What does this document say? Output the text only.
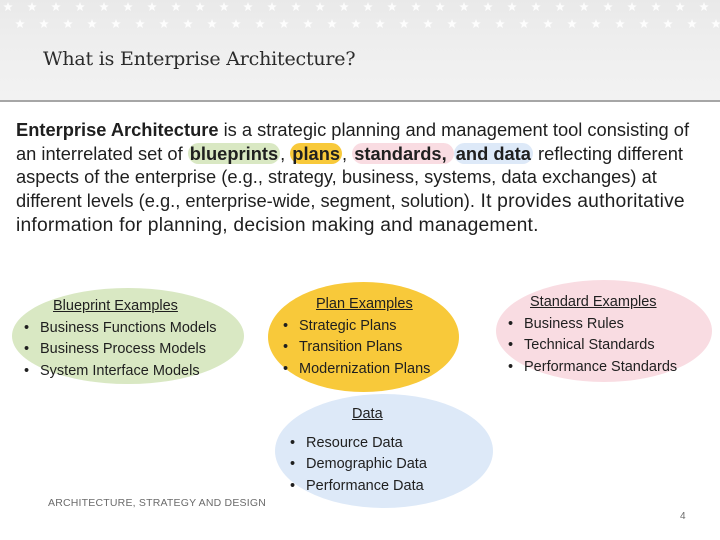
What is Enterprise Architecture?
Enterprise Architecture is a strategic planning and management tool consisting of an interrelated set of blueprints , plans , standards, and data reflecting different aspects of the enterprise (e.g., strategy, business, systems, data exchanges) at different levels (e.g., enterprise-wide, segment, solution). It provides authoritative information for planning, decision making and management.
Blueprint Examples
• Business Functions Models
• Business Process Models
• System Interface Models
Plan Examples
• Strategic Plans
• Transition Plans
• Modernization Plans
Standard Examples
• Business Rules
• Technical Standards
• Performance Standards
Data
• Resource Data
• Demographic Data
• Performance Data
ARCHITECTURE, STRATEGY AND DESIGN
4
